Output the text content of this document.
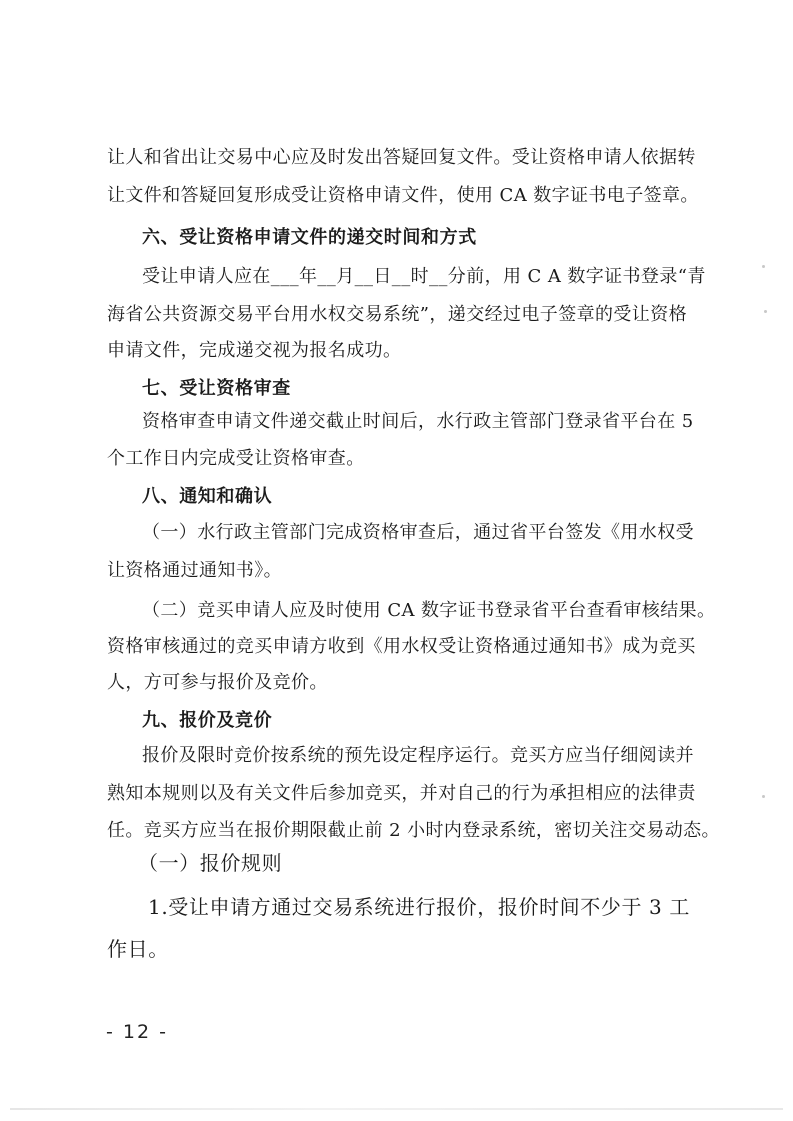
让人和省出让交易中心应及时发出答疑回复文件。受让资格申请人依据转
让文件和答疑回复形成受让资格申请文件，使用 CA 数字证书电子签章。
六、受让资格申请文件的递交时间和方式
受让申请人应在___年__月__日__时__分前，用 C A 数字证书登录“青
海省公共资源交易平台用水权交易系统”，递交经过电子签章的受让资格
申请文件，完成递交视为报名成功。
七、受让资格审查
资格审查申请文件递交截止时间后，水行政主管部门登录省平台在 5
个工作日内完成受让资格审查。
八、通知和确认
（一）水行政主管部门完成资格审查后，通过省平台签发《用水权受
让资格通过通知书》。
（二）竞买申请人应及时使用 CA 数字证书登录省平台查看审核结果。
资格审核通过的竞买申请方收到《用水权受让资格通过通知书》成为竞买
人，方可参与报价及竞价。
九、报价及竞价
报价及限时竞价按系统的预先设定程序运行。竞买方应当仔细阅读并
熟知本规则以及有关文件后参加竞买，并对自己的行为承担相应的法律责
任。竞买方应当在报价期限截止前 2 小时内登录系统，密切关注交易动态。
（一）报价规则
1.受让申请方通过交易系统进行报价，报价时间不少于 3 工
作日。
- 12 -
